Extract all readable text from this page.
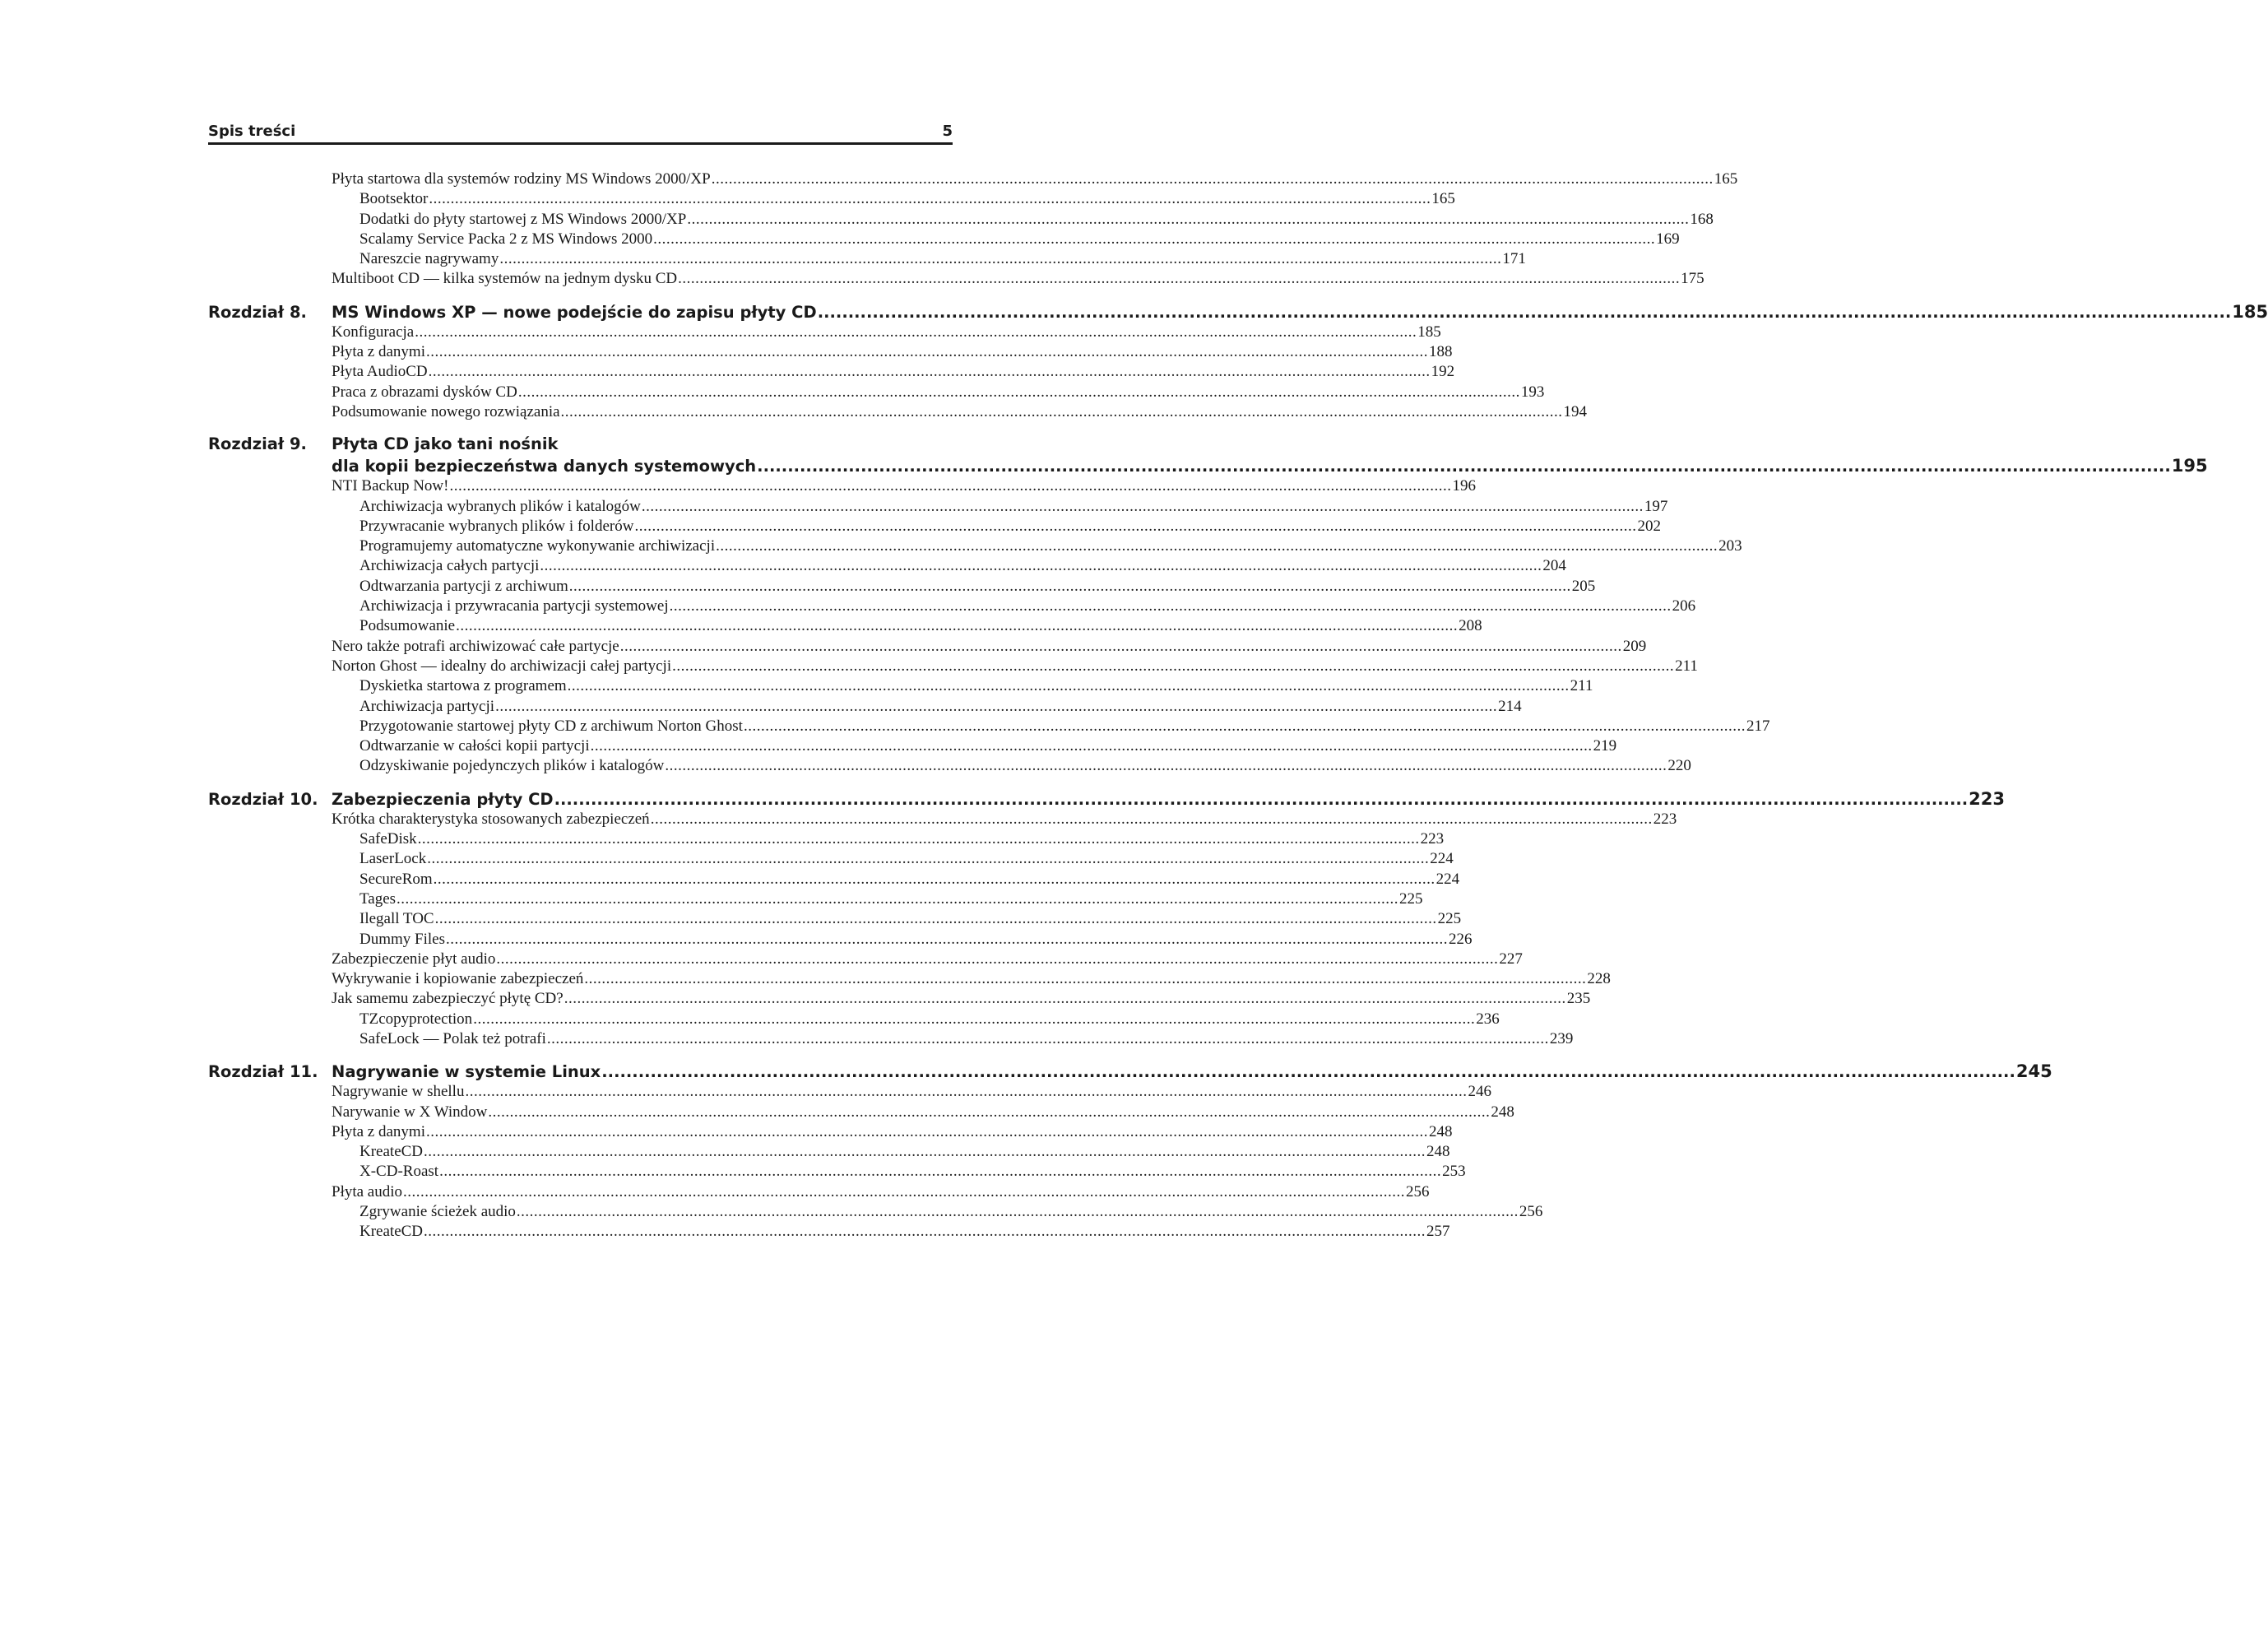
Spis treści	5
Płyta startowa dla systemów rodziny MS Windows 2000/XP .....	165
Bootsektor .....	165
Dodatki do płyty startowej z MS Windows 2000/XP .....	168
Scalamy Service Packa 2 z MS Windows 2000 .....	169
Nareszcie nagrywamy .....	171
Multiboot CD — kilka systemów na jednym dysku CD .....	175
Rozdział 8.	MS Windows XP — nowe podejście do zapisu płyty CD .....	185
Konfiguracja .....	185
Płyta z danymi .....	188
Płyta AudioCD .....	192
Praca z obrazami dysków CD .....	193
Podsumowanie nowego rozwiązania .....	194
Rozdział 9.	Płyta CD jako tani nośnik
dla kopii bezpieczeństwa danych systemowych .....	195
NTI Backup Now! .....	196
Archiwizacja wybranych plików i katalogów .....	197
Przywracanie wybranych plików i folderów .....	202
Programujemy automatyczne wykonywanie archiwizacji .....	203
Archiwizacja całych partycji .....	204
Odtwarzania partycji z archiwum .....	205
Archiwizacja i przywracania partycji systemowej .....	206
Podsumowanie .....	208
Nero także potrafi archiwizować całe partycje .....	209
Norton Ghost — idealny do archiwizacji całej partycji .....	211
Dyskietka startowa z programem .....	211
Archiwizacja partycji .....	214
Przygotowanie startowej płyty CD z archiwum Norton Ghost .....	217
Odtwarzanie w całości kopii partycji .....	219
Odzyskiwanie pojedynczych plików i katalogów .....	220
Rozdział 10. Zabezpieczenia płyty CD .....	223
Krótka charakterystyka stosowanych zabezpieczeń .....	223
SafeDisk .....	223
LaserLock .....	224
SecureRom .....	224
Tages .....	225
Ilegall TOC .....	225
Dummy Files .....	226
Zabezpieczenie płyt audio .....	227
Wykrywanie i kopiowanie zabezpieczeń .....	228
Jak samemu zabezpieczyć płytę CD? .....	235
TZcopyprotection .....	236
SafeLock — Polak też potrafi .....	239
Rozdział 11. Nagrywanie w systemie Linux .....	245
Nagrywanie w shellu .....	246
Narywanie w X Window .....	248
Płyta z danymi .....	248
KreateCD .....	248
X-CD-Roast .....	253
Płyta audio .....	256
Zgrywanie ścieżek audio .....	256
KreateCD .....	257
